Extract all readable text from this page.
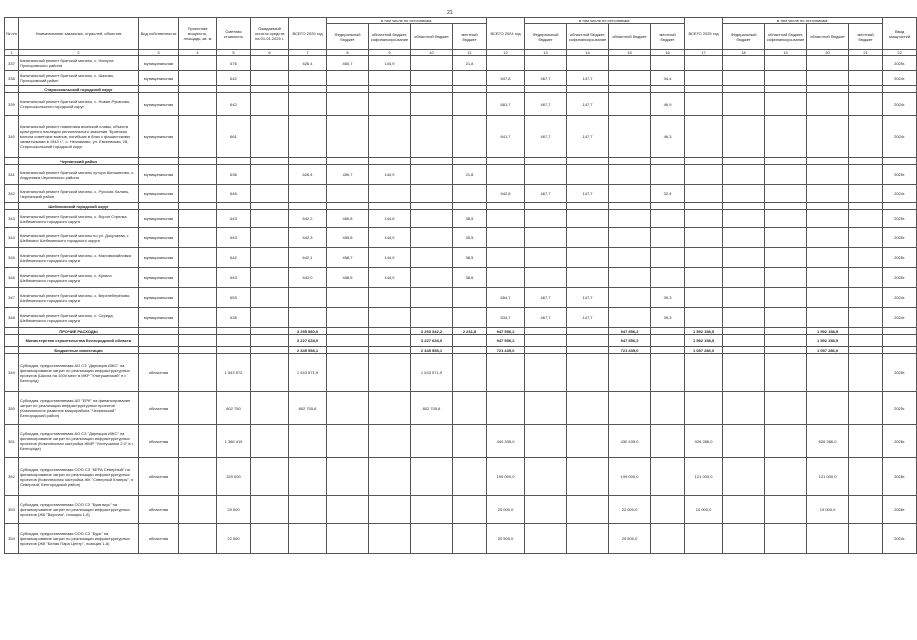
21
№ п/п	Наименование заказчика, отраслей, объектов	Вид собственности	Проектная мощность, площадь, кв. м	Сметная стоимость	Ожидаемый остаток средств на 01.01.2025 г.	ВСЕГО 2025 год	в том числе по источникам:				ВСЕГО 2024 год	в том числе по источникам:				ВСЕГО 2025 год	в том числе по источникам:				Ввод мощностей
							Федеральный бюджет	областной бюджет, софинансиро-вание	областной бюджет	местный бюджет		Федеральный бюджет	областной бюджет, софинансиро-вание	областной бюджет	местный бюджет		Федеральный бюджет	областной бюджет, софинансиро-вание	областной бюджет	местный бюджет	
1	2	3	4	5	6	7	8	9	10	11	12	13	14	15	16	17	18	19	20	21	22
337	Капитальный ремонт братской могилы, с. Нагорье Прохоровского района	муниципальная		676		626,4	460,7	144,9		21,8											2025г.
338	Капитальный ремонт братской могилы, с. Шахово, Прохоровский район	муниципальная		642							647,8	467,7	147,7		34,4						2024г.
	Старооскольский городской округ																				
339	Капитальный ремонт братской могилы, с. Новиe-Русаново, Старооскольского городской округ	муниципальная		642							681,7	467,7	147,7		46,9						2024г.
340	Капитальный ремонт памятника воинской славы, объекта культурного наследия регионального значения "Братская могила советских воинов, погибших в боях с фашистскими захватчиками в 1943 г.", с. Незнамово, ул. Евсеевская, 28, Старооскольский городской округ	муниципальная		661							641,7	467,7	147,7		46,3						2024г.
	Чернянский район																				
341	Капитальный ремонт братской могилы хутора Шеншиново, с. Андреевка Чернянского района	муниципальная		636		626,4	459,7	144,9		21,8											2025г.
342	Капитальный ремонт братской могилы, с. Русская Халань, Чернянский район	муниципальная		646							642,8	467,7	147,7		32,4						2024г.
	Шебекинский городской округ																				
343	Капитальный ремонт братской могилы, с. Ворон Стрелка Шебекинского городского округа	муниципальная		643		642,2	460,8	144,6		38,5											2025г.
344	Капитальный ремонт братской могилы по ул. Докучаева, г. Шебекино Шебекинского городского округа	муниципальная		643		642,3	459,8	144,9		35,5											2025г.
345	Капитальный ремонт братской могилы, с. Маломихайловка Шебекинского городского округа	муниципальная		642		642,1	458,7	144,9		38,5											2025г.
346	Капитальный ремонт братской могилы, с. Купино Шебекинского городского округа	муниципальная		643		642,0	458,5	144,9		38,6											2025г.
347	Капитальный ремонт братской могилы, с. Верхнеберёзово, Шебекинского городского округа	муниципальная		653							654,7	467,7	147,7		39,3						2024г.
348	Капитальный ремонт братской могилы, с. Середа, Шебекинского городского округа	муниципальная		635							634,7	467,7	147,7		39,3						2024г.
	ПРОЧИЕ РАСХОДЫ					3 255 580,0			3 253 342,2	2 231,8	947 556,2			947 556,2		1 592 158,5			1 592 158,5		
	Министерство строительства Белгородской области					3 227 628,0			3 227 628,0		947 556,2			947 556,2		1 592 158,5			1 592 158,5		
	Бюджетные инвестиции					2 345 558,1			2 345 558,1		721 435,0			721 435,0		1 057 286,0			1 057 286,0		
349	Субсидия, предоставляемая АО СЗ "Дирекция ИЖС" на финансирование затрат по реализации инфраструктурных проектов (Школа на 1000 мест в МКР "Улитушинский" п.г. Белгород)	областная		1 543 572		1 543 571,9			1 543 571,9												2025г.
350	Субсидия, предоставляемая АО "ЕРК" на финансирование затрат по реализации инфраструктурных проектов (Комплексное развитие микрорайона "Чесменский" Белгородский район)	областная		802 750		802 705,8			802 705,8												2025г.
351	Субсидия, предоставляемая АО СЗ "Дирекция ИЖС" на финансирование затрат по реализации инфраструктурных проектов (Комплексная застройка ЖМР "Улитушинка 2.0" в г. Белгороде)	областная		1 366 419							440 335,0			430 435,0		926 286,0			926 286,0		2026г.
352	Субсидия, предоставляемая ООО СЗ "КЕРА Северный" на финансирование затрат по реализации инфраструктурных проектов (Комплексная застройка ЖК "Северный Клиеры", п. Северный, Белгородский район)	областная		320 000							199 000,0			199 000,0		121 000,0			121 000,0		2026г.
353	Субсидия, предоставляемая ООО СЗ "Букв вкус" на финансирование затрат по реализации инфраструктурных проектов (ЖК "Вкусная", позиция 1-6)	областная		29 000							20 000,0			22 000,0		10 000,0			19 000,0		2026г.
354	Субсидия, предоставляемая ООО СЗ "Бурк" на финансирование затрат по реализации инфраструктурных проектов (ЖК "Белая Пара Центр", позиция 1-6)	областная		22 500							20 500,0			20 500,0							2024г.
